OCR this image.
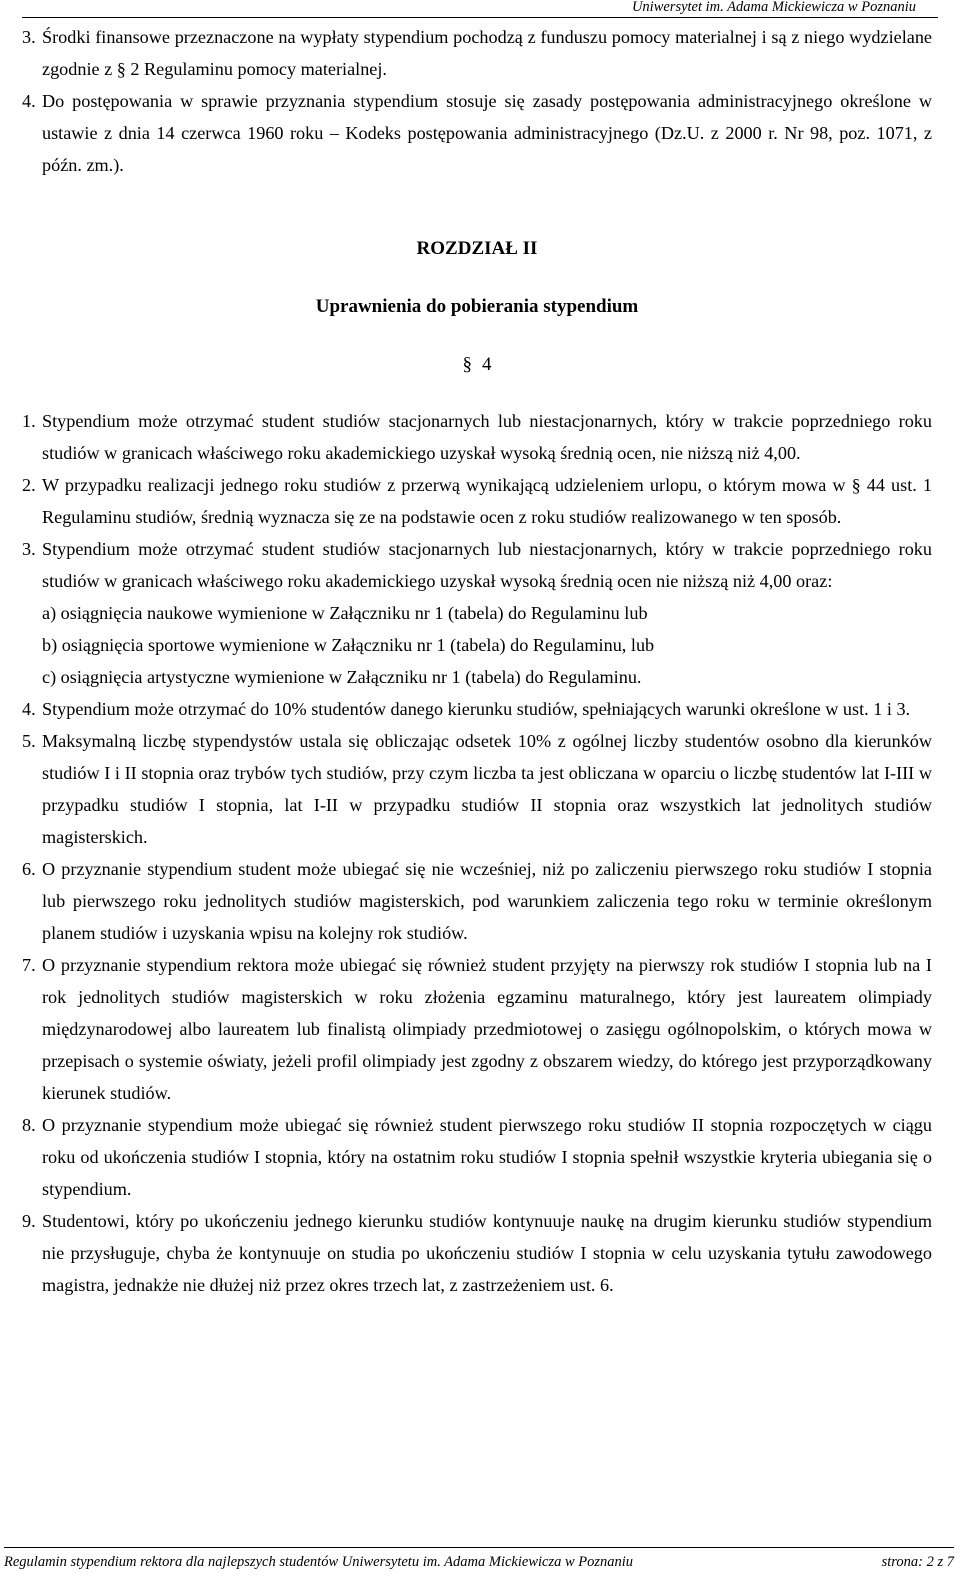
Uniwersytet im. Adama Mickiewicza w Poznaniu
3. Środki finansowe przeznaczone na wypłaty stypendium pochodzą z funduszu pomocy materialnej i są z niego wydzielane zgodnie z § 2 Regulaminu pomocy materialnej.
4. Do postępowania w sprawie przyznania stypendium stosuje się zasady postępowania administracyjnego określone w ustawie z dnia 14 czerwca 1960 roku – Kodeks postępowania administracyjnego (Dz.U. z 2000 r. Nr 98, poz. 1071, z późn. zm.).

ROZDZIAŁ II

Uprawnienia do pobierania stypendium

§ 4

1. Stypendium może otrzymać student studiów stacjonarnych lub niestacjonarnych, który w trakcie poprzedniego roku studiów w granicach właściwego roku akademickiego uzyskał wysoką średnią ocen, nie niższą niż 4,00.
2. W przypadku realizacji jednego roku studiów z przerwą wynikającą udzieleniem urlopu, o którym mowa w § 44 ust. 1 Regulaminu studiów, średnią wyznacza się ze na podstawie ocen z roku studiów realizowanego w ten sposób.
3. Stypendium może otrzymać student studiów stacjonarnych lub niestacjonarnych, który w trakcie poprzedniego roku studiów w granicach właściwego roku akademickiego uzyskał wysoką średnią ocen nie niższą niż 4,00 oraz:
a) osiągnięcia naukowe wymienione w Załączniku nr 1 (tabela) do Regulaminu lub
b) osiągnięcia sportowe wymienione w Załączniku nr 1 (tabela) do Regulaminu, lub
c) osiągnięcia artystyczne wymienione w Załączniku nr 1 (tabela) do Regulaminu.
4. Stypendium może otrzymać do 10% studentów danego kierunku studiów, spełniających warunki określone w ust. 1 i 3.
5. Maksymalną liczbę stypendystów ustala się obliczając odsetek 10% z ogólnej liczby studentów osobno dla kierunków studiów I i II stopnia oraz trybów tych studiów, przy czym liczba ta jest obliczana w oparciu o liczbę studentów lat I-III w przypadku studiów I stopnia, lat I-II w przypadku studiów II stopnia oraz wszystkich lat jednolitych studiów magisterskich.
6. O przyznanie stypendium student może ubiegać się nie wcześniej, niż po zaliczeniu pierwszego roku studiów I stopnia lub pierwszego roku jednolitych studiów magisterskich, pod warunkiem zaliczenia tego roku w terminie określonym planem studiów i uzyskania wpisu na kolejny rok studiów.
7. O przyznanie stypendium rektora może ubiegać się również student przyjęty na pierwszy rok studiów I stopnia lub na I rok jednolitych studiów magisterskich w roku złożenia egzaminu maturalnego, który jest laureatem olimpiady międzynarodowej albo laureatem lub finalistą olimpiady przedmiotowej o zasięgu ogólnopolskim, o których mowa w przepisach o systemie oświaty, jeżeli profil olimpiady jest zgodny z obszarem wiedzy, do którego jest przyporządkowany kierunek studiów.
8. O przyznanie stypendium może ubiegać się również student pierwszego roku studiów II stopnia rozpoczętych w ciągu roku od ukończenia studiów I stopnia, który na ostatnim roku studiów I stopnia spełnił wszystkie kryteria ubiegania się o stypendium.
9. Studentowi, który po ukończeniu jednego kierunku studiów kontynuuje naukę na drugim kierunku studiów stypendium nie przysługuje, chyba że kontynuuje on studia po ukończeniu studiów I stopnia w celu uzyskania tytułu zawodowego magistra, jednakże nie dłużej niż przez okres trzech lat, z zastrzeżeniem ust. 6.
Regulamin stypendium rektora dla najlepszych studentów Uniwersytetu im. Adama Mickiewicza w Poznaniu	strona: 2 z 7
